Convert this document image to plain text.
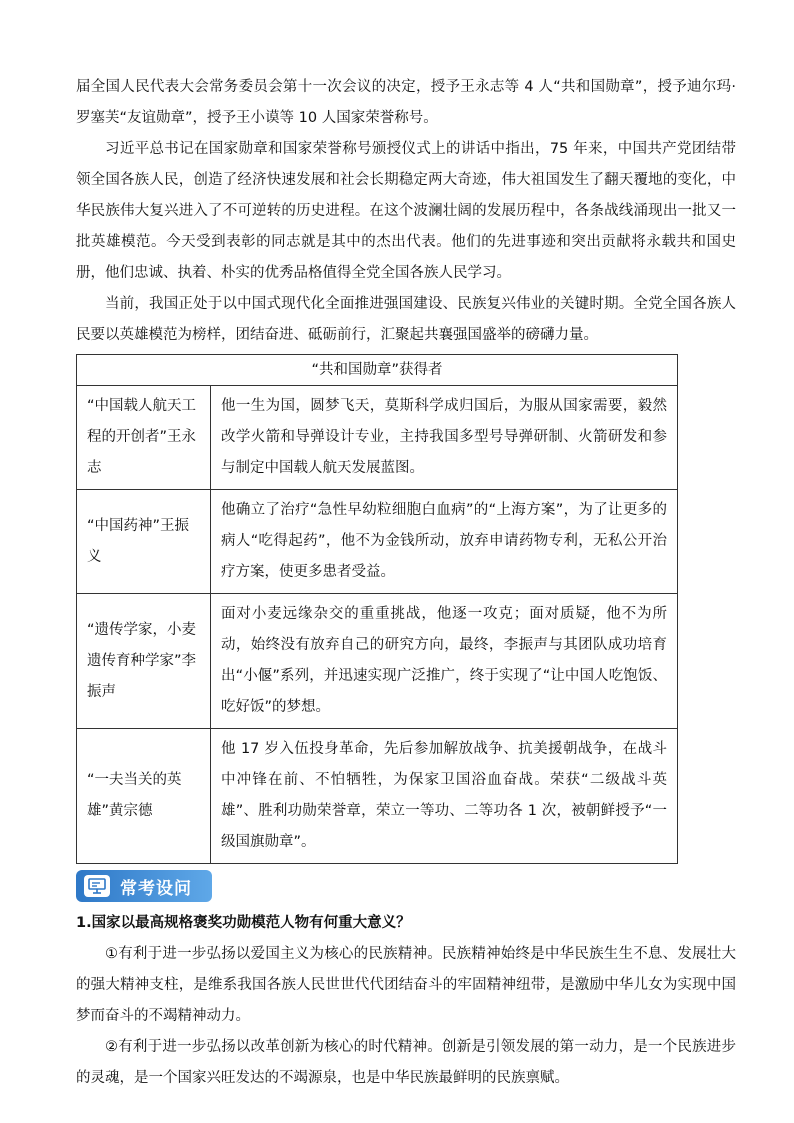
届全国人民代表大会常务委员会第十一次会议的决定，授予王永志等 4 人“共和国勋章”，授予迪尔玛·罗塞芙“友谊勋章”，授予王小谟等 10 人国家荣誉称号。

习近平总书记在国家勋章和国家荣誉称号颁授仪式上的讲话中指出，75 年来，中国共产党团结带领全国各族人民，创造了经济快速发展和社会长期稳定两大奇迹，伟大祖国发生了翻天覆地的变化，中华民族伟大复兴进入了不可逆转的历史进程。在这个波澜壮阔的发展历程中，各条战线涌现出一批又一批英雄模范。今天受到表彰的同志就是其中的杰出代表。他们的先进事迹和突出贡献将永载共和国史册，他们忠诚、执着、朴实的优秀品格值得全党全国各族人民学习。

当前，我国正处于以中国式现代化全面推进强国建设、民族复兴伟业的关键时期。全党全国各族人民要以英雄模范为榜样，团结奋进、砥砺前行，汇聚起共襄强国盛举的磅礴力量。

“共和国勋章”获得者	
“中国载人航天工程的开创者”王永志	他一生为国，圆梦飞天，莫斯科学成归国后，为服从国家需要，毅然改学火箭和导弹设计专业，主持我国多型号导弹研制、火箭研发和参与制定中国载人航天发展蓝图。
“中国药神”王振义	他确立了治疗“急性早幼粒细胞白血病”的“上海方案”，为了让更多的病人“吃得起药”，他不为金钱所动，放弃申请药物专利，无私公开治疗方案，使更多患者受益。
“遗传学家，小麦遗传育种学家”李振声	面对小麦远缘杂交的重重挑战，他逐一攻克；面对质疑，他不为所动，始终没有放弃自己的研究方向，最终，李振声与其团队成功培育出“小偃”系列，并迅速实现广泛推广，终于实现了“让中国人吃饱饭、吃好饭”的梦想。
“一夫当关的英雄”黄宗德	他 17 岁入伍投身革命，先后参加解放战争、抗美援朝战争，在战斗中冲锋在前、不怕牺牲，为保家卫国浴血奋战。荣获“二级战斗英雄”、胜利功勋荣誉章，荣立一等功、二等功各 1 次，被朝鲜授予“一级国旗勋章”。
常考设问

1.国家以最高规格褒奖功勋模范人物有何重大意义？

①有利于进一步弘扬以爱国主义为核心的民族精神。民族精神始终是中华民族生生不息、发展壮大的强大精神支柱，是维系我国各族人民世世代代团结奋斗的牢固精神纽带，是激励中华儿女为实现中国梦而奋斗的不竭精神动力。

②有利于进一步弘扬以改革创新为核心的时代精神。创新是引领发展的第一动力，是一个民族进步的灵魂，是一个国家兴旺发达的不竭源泉，也是中华民族最鲜明的民族禀赋。
